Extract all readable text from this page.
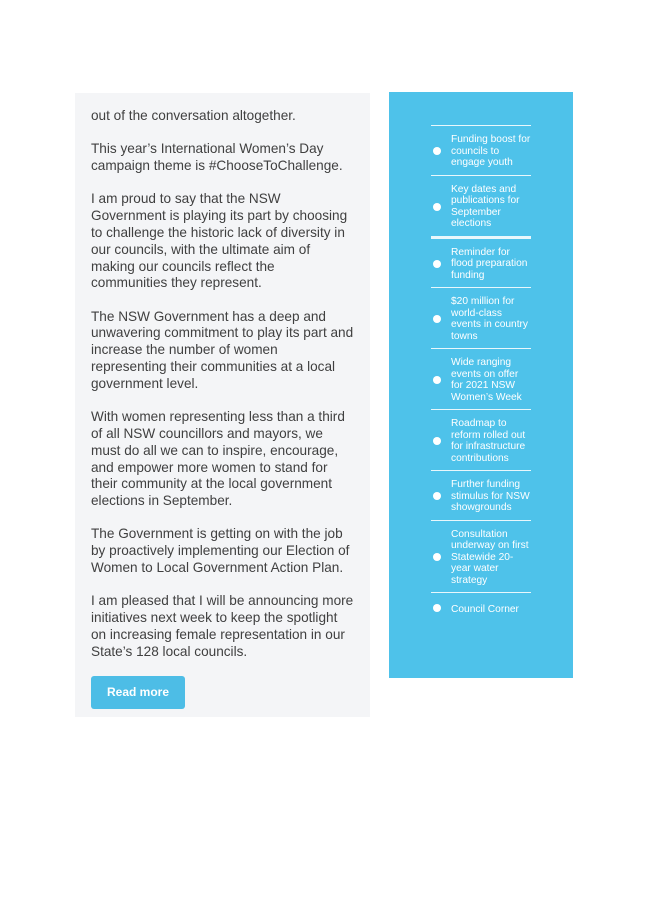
out of the conversation altogether.

This year’s International Women’s Day campaign theme is #ChooseToChallenge.

I am proud to say that the NSW Government is playing its part by choosing to challenge the historic lack of diversity in our councils, with the ultimate aim of making our councils reflect the communities they represent.

The NSW Government has a deep and unwavering commitment to play its part and increase the number of women representing their communities at a local government level.

With women representing less than a third of all NSW councillors and mayors, we must do all we can to inspire, encourage, and empower more women to stand for their community at the local government elections in September.

The Government is getting on with the job by proactively implementing our Election of Women to Local Government Action Plan.

I am pleased that I will be announcing more initiatives next week to keep the spotlight on increasing female representation in our State’s 128 local councils.

Read more
Funding boost for councils to engage youth
Key dates and publications for September elections
Reminder for flood preparation funding
$20 million for world-class events in country towns
Wide ranging events on offer for 2021 NSW Women’s Week
Roadmap to reform rolled out for infrastructure contributions
Further funding stimulus for NSW showgrounds
Consultation underway on first Statewide 20-year water strategy
Council Corner
